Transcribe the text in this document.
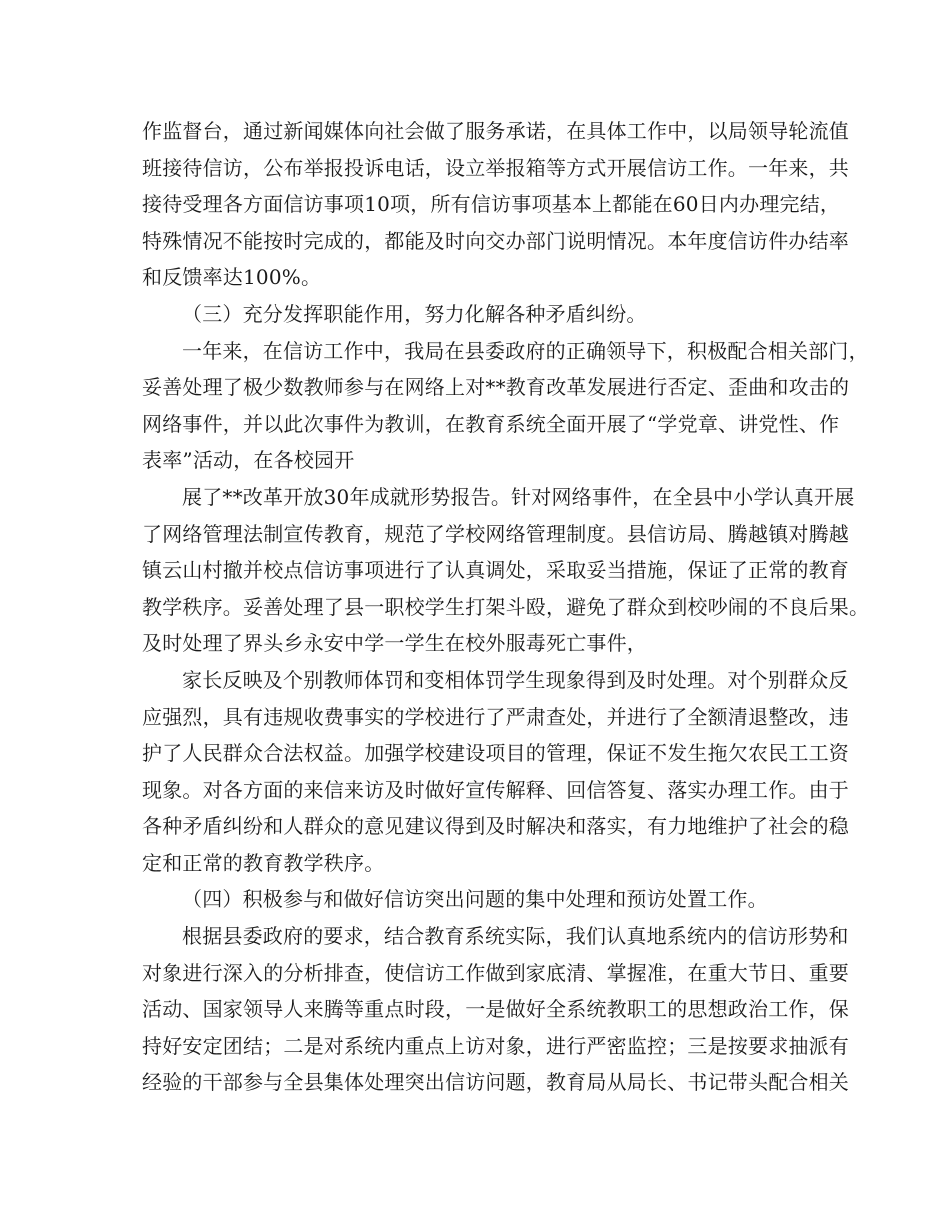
作监督台，通过新闻媒体向社会做了服务承诺，在具体工作中，以局领导轮流值
班接待信访，公布举报投诉电话，设立举报箱等方式开展信访工作。一年来，共
接待受理各方面信访事项10项，所有信访事项基本上都能在60日内办理完结，
特殊情况不能按时完成的，都能及时向交办部门说明情况。本年度信访件办结率
和反馈率达100%。
（三）充分发挥职能作用，努力化解各种矛盾纠纷。
一年来，在信访工作中，我局在县委政府的正确领导下，积极配合相关部门，
妥善处理了极少数教师参与在网络上对**教育改革发展进行否定、歪曲和攻击的
网络事件，并以此次事件为教训，在教育系统全面开展了“学党章、讲党性、作
表率”活动，在各校园开
展了**改革开放30年成就形势报告。针对网络事件，在全县中小学认真开展
了网络管理法制宣传教育，规范了学校网络管理制度。县信访局、腾越镇对腾越
镇云山村撤并校点信访事项进行了认真调处，采取妥当措施，保证了正常的教育
教学秩序。妥善处理了县一职校学生打架斗殴，避免了群众到校吵闹的不良后果。
及时处理了界头乡永安中学一学生在校外服毒死亡事件，
家长反映及个别教师体罚和变相体罚学生现象得到及时处理。对个别群众反
应强烈，具有违规收费事实的学校进行了严肃查处，并进行了全额清退整改，违
护了人民群众合法权益。加强学校建设项目的管理，保证不发生拖欠农民工工资
现象。对各方面的来信来访及时做好宣传解释、回信答复、落实办理工作。由于
各种矛盾纠纷和人群众的意见建议得到及时解决和落实，有力地维护了社会的稳
定和正常的教育教学秩序。
（四）积极参与和做好信访突出问题的集中处理和预访处置工作。
根据县委政府的要求，结合教育系统实际，我们认真地系统内的信访形势和
对象进行深入的分析排查，使信访工作做到家底清、掌握准，在重大节日、重要
活动、国家领导人来腾等重点时段，一是做好全系统教职工的思想政治工作，保
持好安定团结；二是对系统内重点上访对象，进行严密监控；三是按要求抽派有
经验的干部参与全县集体处理突出信访问题，教育局从局长、书记带头配合相关
